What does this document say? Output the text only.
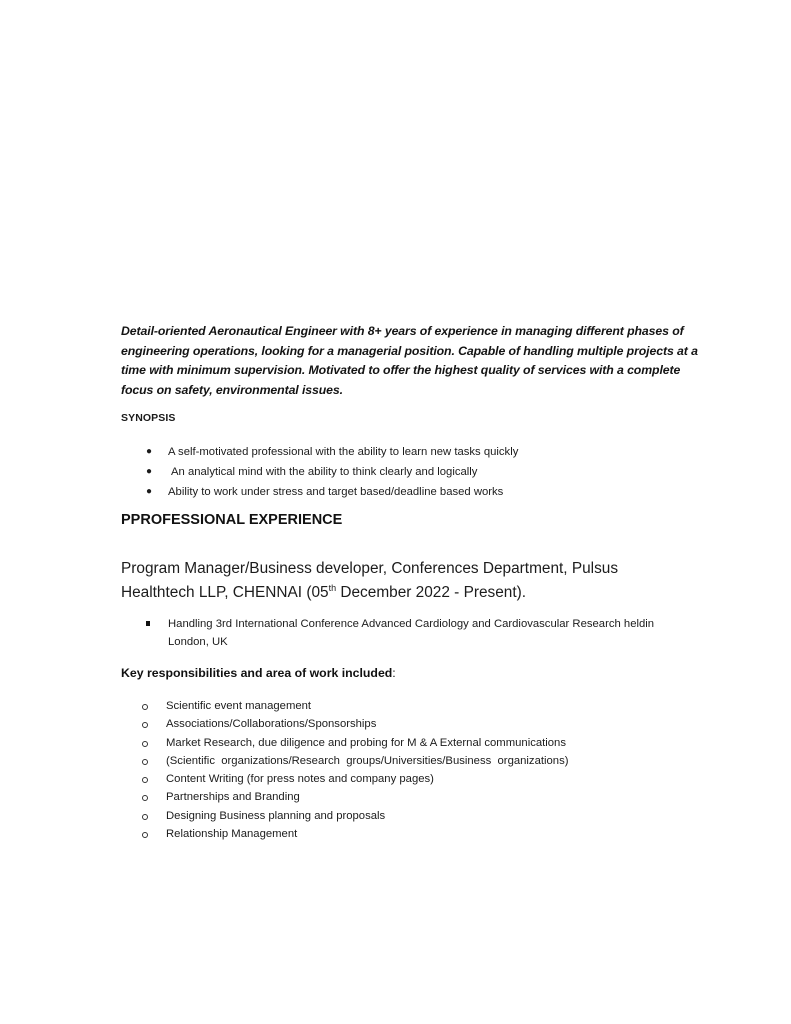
Detail-oriented Aeronautical Engineer with 8+ years of experience in managing different phases of engineering operations, looking for a managerial position. Capable of handling multiple projects at a time with minimum supervision. Motivated to offer the highest quality of services with a complete focus on safety, environmental issues.

SYNOPSIS
●	A self-motivated professional with the ability to learn new tasks quickly
●	An analytical mind with the ability to think clearly and logically
●	Ability to work under stress and target based/deadline based works
PPROFESSIONAL EXPERIENCE
Program Manager/Business developer, Conferences Department, Pulsus
Healthtech LLP, CHENNAI (05th December 2022 - Present).
Handling 3rd International Conference Advanced Cardiology and Cardiovascular Research heldin London, UK
Key responsibilities and area of work included:

Scientific event management

Associations/Collaborations/Sponsorships

Market Research, due diligence and probing for M & A External communications

(Scientific  organizations/Research  groups/Universities/Business  organizations)

Content Writing (for press notes and company pages)

Partnerships and Branding

Designing Business planning and proposals

Relationship Management
